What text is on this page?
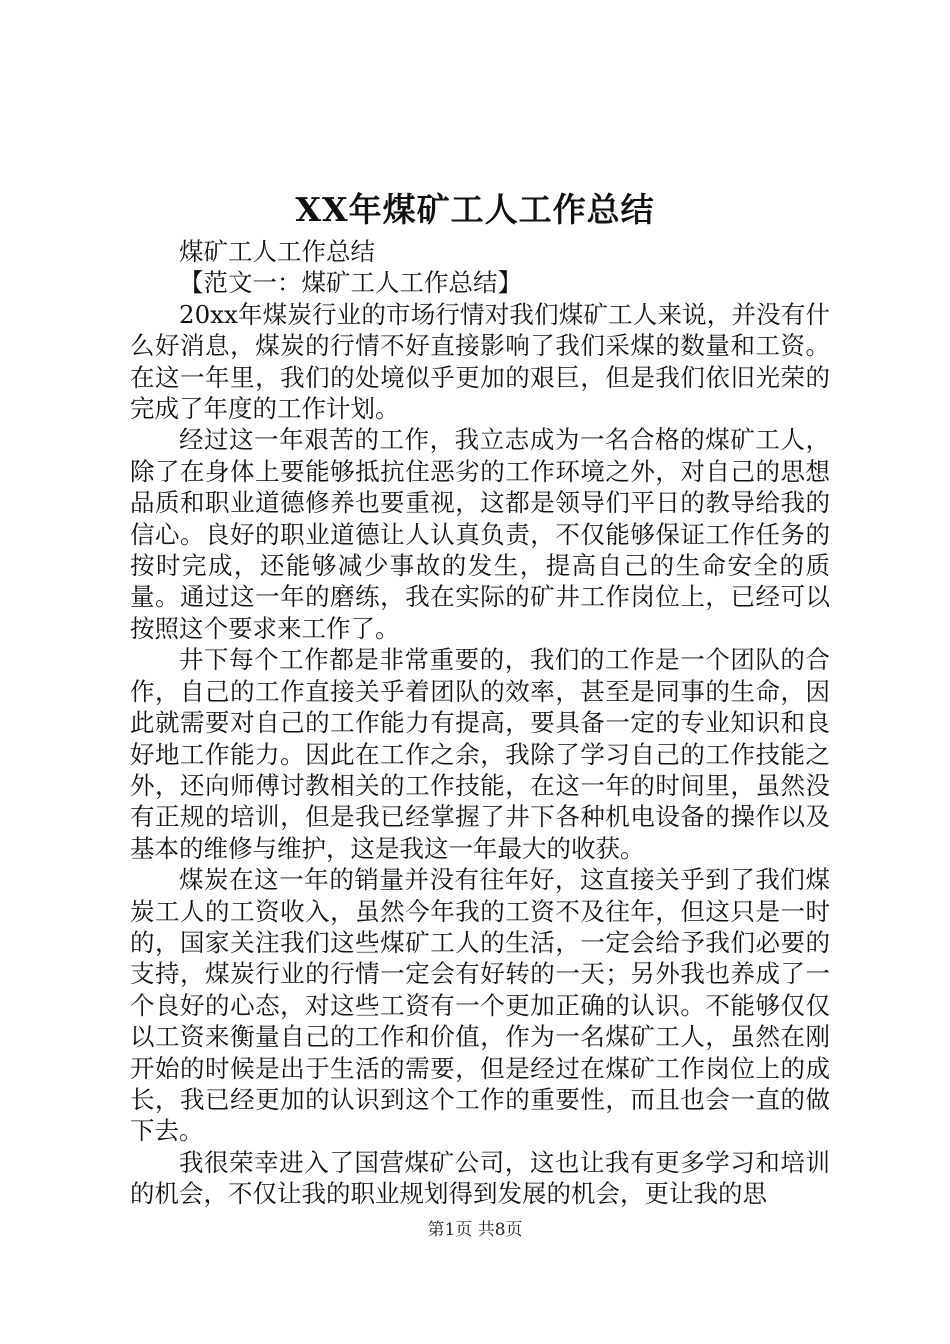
XX年煤矿工人工作总结

煤矿工人工作总结

【范文一：煤矿工人工作总结】

20xx年煤炭行业的市场行情对我们煤矿工人来说，并没有什么好消息，煤炭的行情不好直接影响了我们采煤的数量和工资。在这一年里，我们的处境似乎更加的艰巨，但是我们依旧光荣的完成了年度的工作计划。

经过这一年艰苦的工作，我立志成为一名合格的煤矿工人，除了在身体上要能够抵抗住恶劣的工作环境之外，对自己的思想品质和职业道德修养也要重视，这都是领导们平日的教导给我的信心。良好的职业道德让人认真负责，不仅能够保证工作任务的按时完成，还能够减少事故的发生，提高自己的生命安全的质量。通过这一年的磨练，我在实际的矿井工作岗位上，已经可以按照这个要求来工作了。

井下每个工作都是非常重要的，我们的工作是一个团队的合作，自己的工作直接关乎着团队的效率，甚至是同事的生命，因此就需要对自己的工作能力有提高，要具备一定的专业知识和良好地工作能力。因此在工作之余，我除了学习自己的工作技能之外，还向师傅讨教相关的工作技能，在这一年的时间里，虽然没有正规的培训，但是我已经掌握了井下各种机电设备的操作以及基本的维修与维护，这是我这一年最大的收获。

煤炭在这一年的销量并没有往年好，这直接关乎到了我们煤炭工人的工资收入，虽然今年我的工资不及往年，但这只是一时的，国家关注我们这些煤矿工人的生活，一定会给予我们必要的支持，煤炭行业的行情一定会有好转的一天；另外我也养成了一个良好的心态，对这些工资有一个更加正确的认识。不能够仅仅以工资来衡量自己的工作和价值，作为一名煤矿工人，虽然在刚开始的时候是出于生活的需要，但是经过在煤矿工作岗位上的成长，我已经更加的认识到这个工作的重要性，而且也会一直的做下去。

我很荣幸进入了国营煤矿公司，这也让我有更多学习和培训的机会，不仅让我的职业规划得到发展的机会，更让我的思

第1页 共8页
